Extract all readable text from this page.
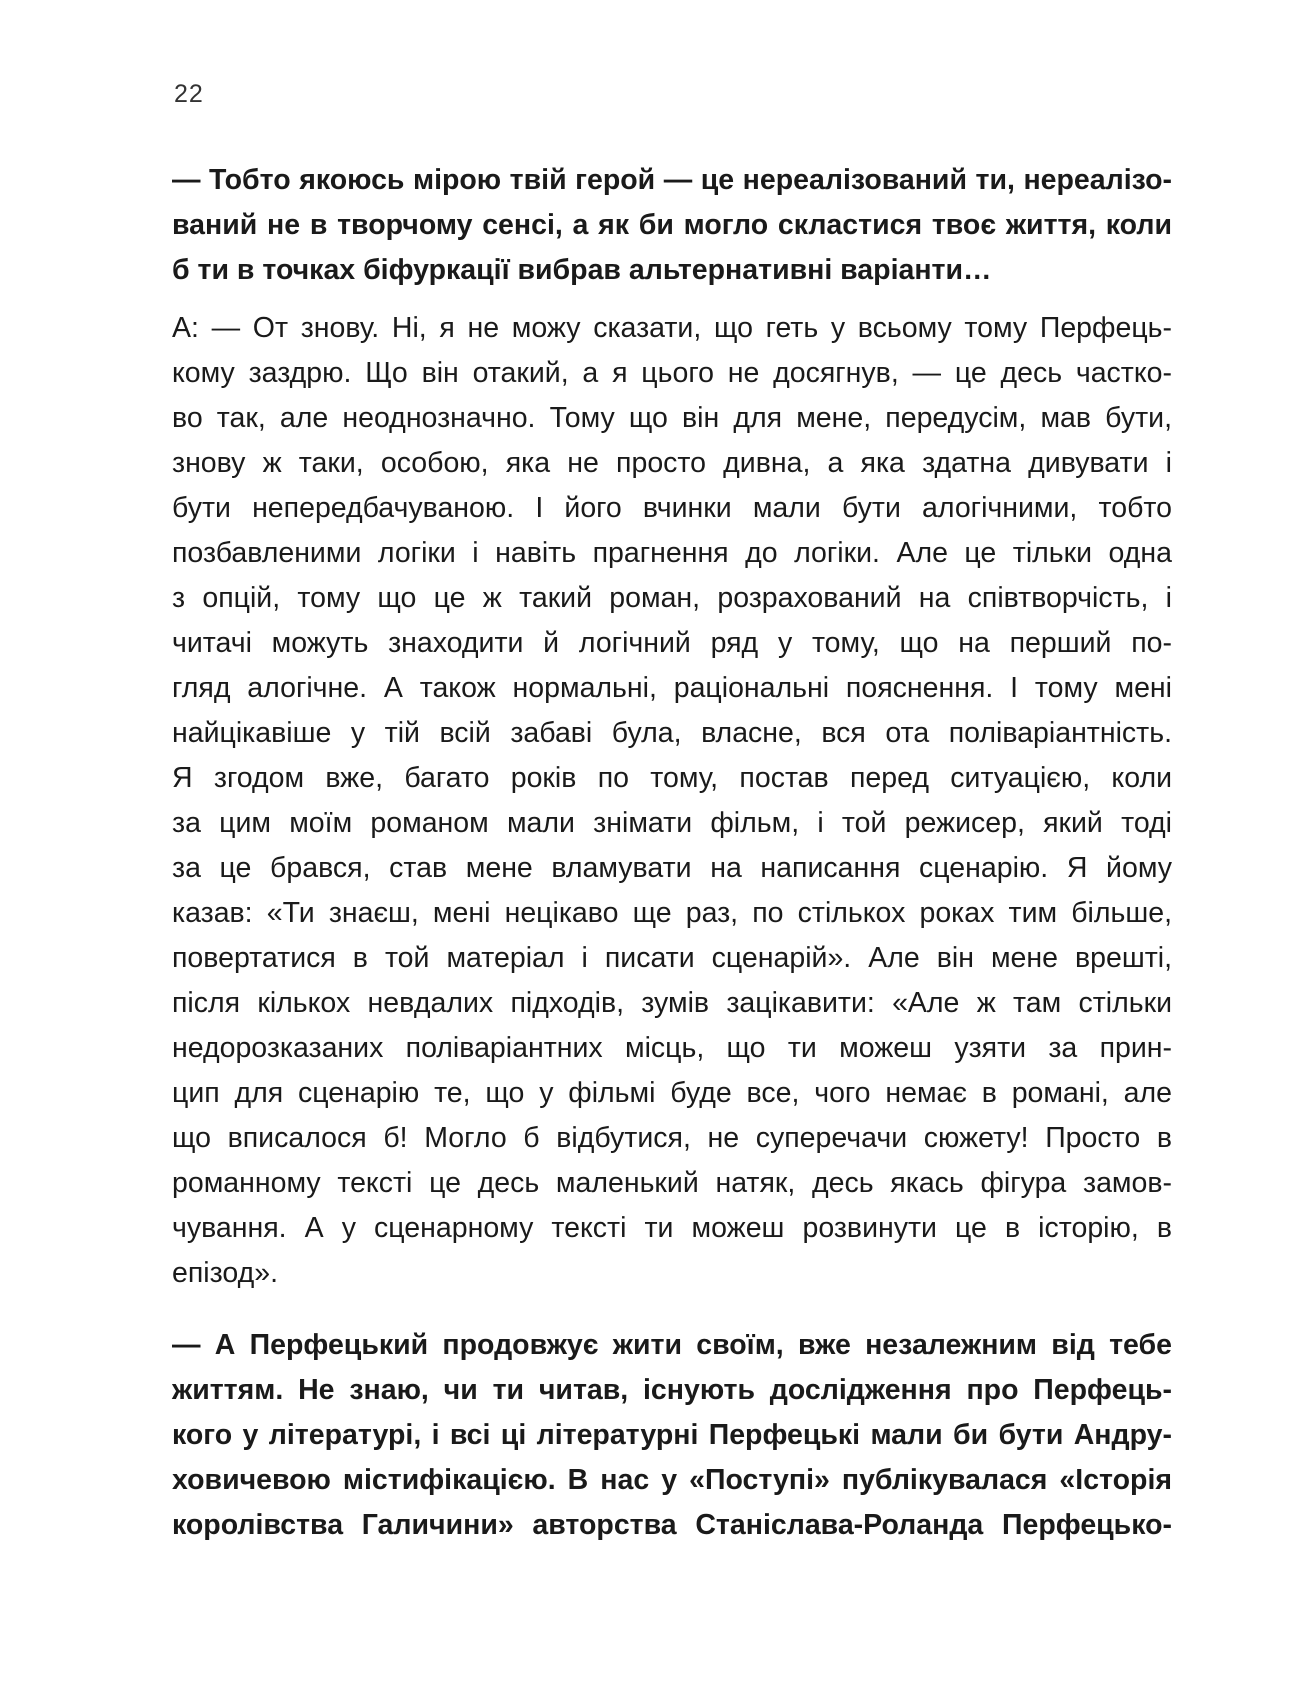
22
— Тобто якоюсь мірою твій герой — це нереалізований ти, нереалізо-
ваний не в творчому сенсі, а як би могло скластися твоє життя, коли
б ти в точках біфуркації вибрав альтернативні варіанти…
А: — От знову. Ні, я не можу сказати, що геть у всьому тому Перфець-
кому заздрю. Що він отакий, а я цього не досягнув, — це десь частко-
во так, але неоднозначно. Тому що він для мене, передусім, мав бути,
знову ж таки, особою, яка не просто дивна, а яка здатна дивувати і
бути непередбачуваною. І його вчинки мали бути алогічними, тобто
позбавленими логіки і навіть прагнення до логіки. Але це тільки одна
з опцій, тому що це ж такий роман, розрахований на співтворчість, і
читачі можуть знаходити й логічний ряд у тому, що на перший по-
гляд алогічне. А також нормальні, раціональні пояснення. І тому мені
найцікавіше у тій всій забаві була, власне, вся ота поліваріантність.
Я згодом вже, багато років по тому, постав перед ситуацією, коли
за цим моїм романом мали знімати фільм, і той режисер, який тоді
за це брався, став мене вламувати на написання сценарію. Я йому
казав: «Ти знаєш, мені нецікаво ще раз, по стількох роках тим більше,
повертатися в той матеріал і писати сценарій». Але він мене врешті,
після кількох невдалих підходів, зумів зацікавити: «Але ж там стільки
недорозказаних поліваріантних місць, що ти можеш узяти за прин-
цип для сценарію те, що у фільмі буде все, чого немає в романі, але
що вписалося б! Могло б відбутися, не суперечачи сюжету! Просто в
романному тексті це десь маленький натяк, десь якась фігура замов-
чування. А у сценарному тексті ти можеш розвинути це в історію, в
епізод».
— А Перфецький продовжує жити своїм, вже незалежним від тебе
життям. Не знаю, чи ти читав, існують дослідження про Перфець-
кого у літературі, і всі ці літературні Перфецькі мали би бути Андру-
ховичевою містифікацією. В нас у «Поступі» публікувалася «Історія
королівства Галичини» авторства Станіслава-Роланда Перфецько-
